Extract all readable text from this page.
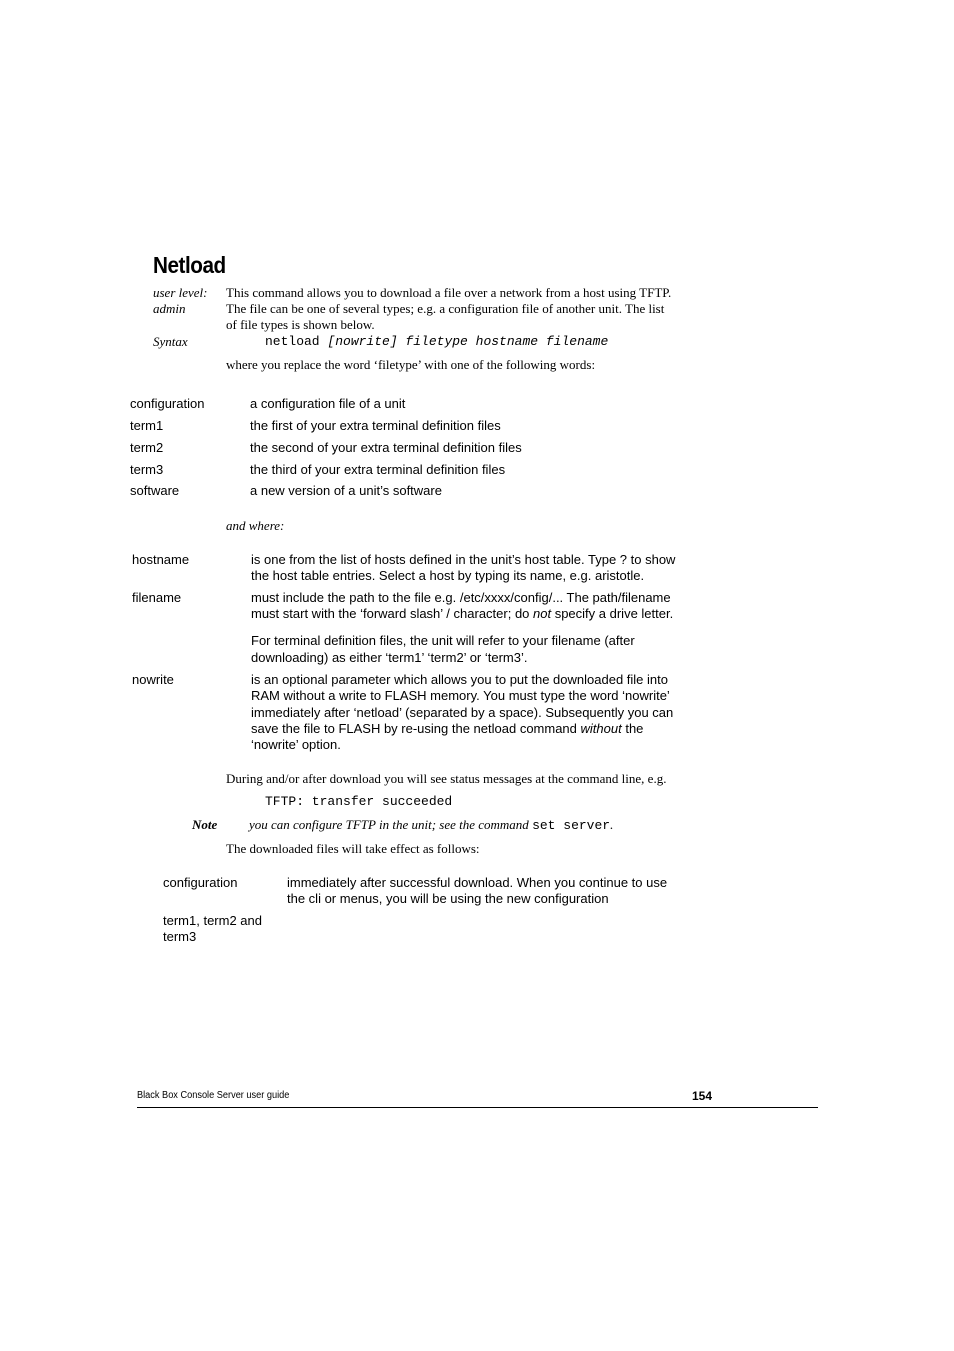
Netload
user level:
admin
Syntax
This command allows you to download a file over a network from a host using TFTP.
The file can be one of several types; e.g. a configuration file of another unit. The list
of file types is shown below.
netload [nowrite] filetype hostname filename
where you replace the word ‘filetype’ with one of the following words:
configuration	a configuration file of a unit
term1	the first of your extra terminal definition files
term2	the second of your extra terminal definition files
term3	the third of your extra terminal definition files
software	a new version of a unit’s software
and where:
hostname	is one from the list of hosts defined in the unit’s host table. Type ? to show
the host table entries. Select a host by typing its name, e.g. aristotle.
filename	must include the path to the file e.g. /etc/xxxx/config/... The path/filename
must start with the ‘forward slash’ / character; do not specify a drive letter.
For terminal definition files, the unit will refer to your filename (after
downloading) as either ‘term1’ ‘term2’ or ‘term3’.
nowrite	is an optional parameter which allows you to put the downloaded file into
RAM without a write to FLASH memory. You must type the word ‘nowrite’
immediately after ‘netload’ (separated by a space). Subsequently you can
save the file to FLASH by re-using the netload command without the
‘nowrite’ option.
During and/or after download you will see status messages at the command line, e.g.
TFTP: transfer succeeded
Note you can configure TFTP in the unit; see the command set server.
The downloaded files will take effect as follows:
configuration	immediately after successful download. When you continue to use
the cli or menus, you will be using the new configuration
term1, term2 and
term3
Black Box Console Server user guide	154
